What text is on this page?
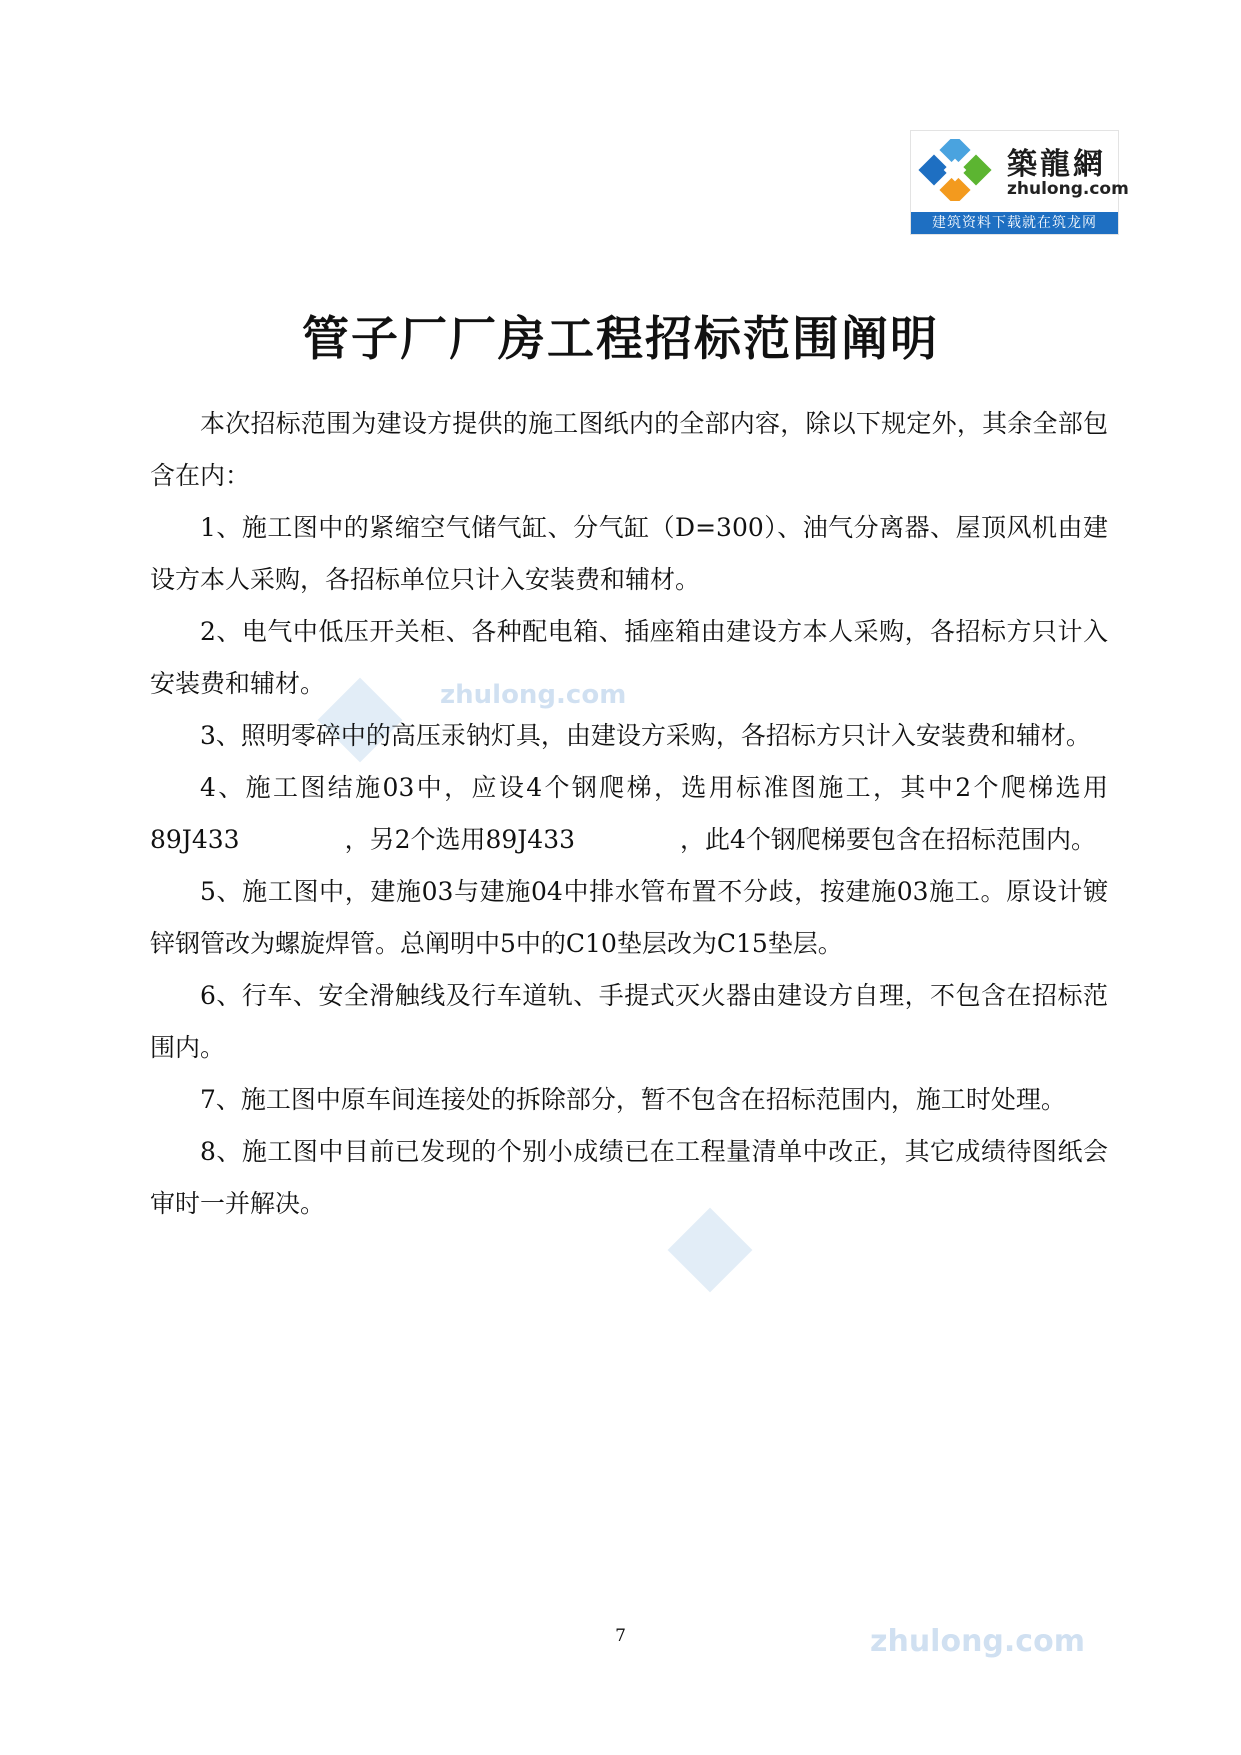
築龍網
zhulong.com
建筑资料下载就在筑龙网
zhulong.com
zhulong.com
管子厂厂房工程招标范围阐明

本次招标范围为建设方提供的施工图纸内的全部内容，除以下规定外，其余全部包含在内：

1、施工图中的紧缩空气储气缸、分气缸（D=300）、油气分离器、屋顶风机由建设方本人采购，各招标单位只计入安装费和辅材。

2、电气中低压开关柜、各种配电箱、插座箱由建设方本人采购，各招标方只计入安装费和辅材。

3、照明零碎中的高压汞钠灯具，由建设方采购，各招标方只计入安装费和辅材。

4、施工图结施03中，应设4个钢爬梯，选用标准图施工，其中2个爬梯选用89J433	，另2个选用89J433	，此4个钢爬梯要包含在招标范围内。

5、施工图中，建施03与建施04中排水管布置不分歧，按建施03施工。原设计镀锌钢管改为螺旋焊管。总阐明中5中的C10垫层改为C15垫层。

6、行车、安全滑触线及行车道轨、手提式灭火器由建设方自理，不包含在招标范围内。

7、施工图中原车间连接处的拆除部分，暂不包含在招标范围内，施工时处理。

8、施工图中目前已发现的个别小成绩已在工程量清单中改正，其它成绩待图纸会审时一并解决。

7
